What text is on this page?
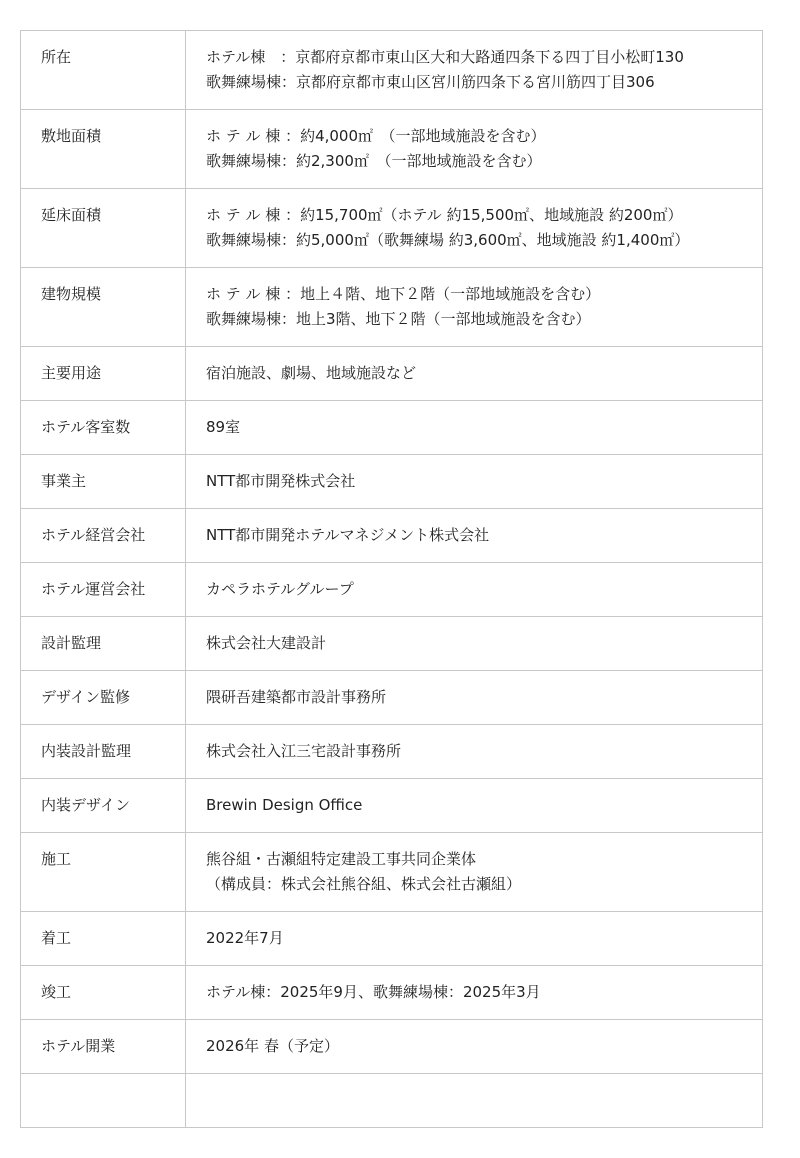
所在	ホテル棟　：京都府京都市東山区大和大路通四条下る四丁目小松町130
歌舞練場棟：京都府京都市東山区宮川筋四条下る宮川筋四丁目306

敷地面積	ホ テ ル 棟 ：約4,000㎡　（一部地域施設を含む）
歌舞練場棟：約2,300㎡　（一部地域施設を含む）

延床面積	ホ テ ル 棟 ：約15,700㎡（ホテル 約15,500㎡、地域施設 約200㎡）
歌舞練場棟：約5,000㎡（歌舞練場 約3,600㎡、地域施設 約1,400㎡）

建物規模	ホ テ ル 棟 ：地上４階、地下２階（一部地域施設を含む）
歌舞練場棟：地上3階、地下２階（一部地域施設を含む）

主要用途	宿泊施設、劇場、地域施設など

ホテル客室数	89室

事業主	NTT都市開発株式会社

ホテル経営会社	NTT都市開発ホテルマネジメント株式会社

ホテル運営会社	カペラホテルグループ

設計監理	株式会社大建設計

デザイン監修	隈研吾建築都市設計事務所

内装設計監理	株式会社入江三宅設計事務所

内装デザイン	Brewin Design Office

施工	熊谷組・古瀬組特定建設工事共同企業体
（構成員：株式会社熊谷組、株式会社古瀬組）

着工	2022年7月

竣工	ホテル棟：2025年9月、歌舞練場棟：2025年3月

ホテル開業	2026年 春（予定）
